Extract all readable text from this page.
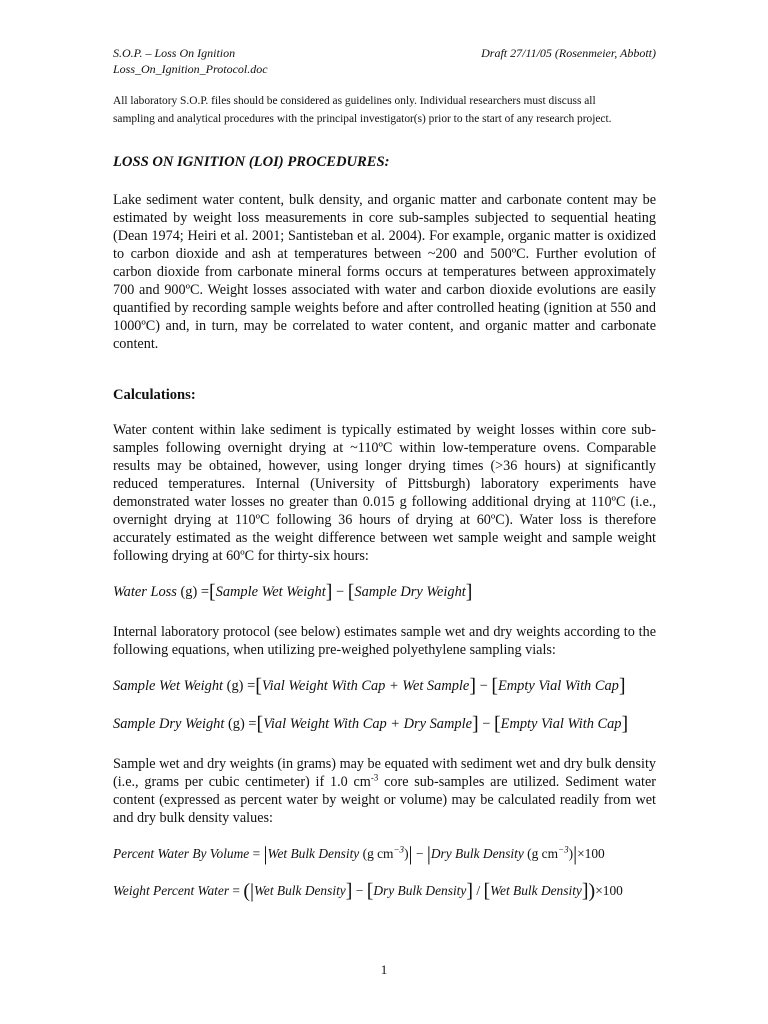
S.O.P. – Loss On Ignition	Draft 27/11/05 (Rosenmeier, Abbott)
Loss_On_Ignition_Protocol.doc
All laboratory S.O.P. files should be considered as guidelines only. Individual researchers must discuss all
sampling and analytical procedures with the principal investigator(s) prior to the start of any research project.
LOSS ON IGNITION (LOI) PROCEDURES:
Lake sediment water content, bulk density, and organic matter and carbonate content may be estimated by weight loss measurements in core sub-samples subjected to sequential heating (Dean 1974; Heiri et al. 2001; Santisteban et al. 2004). For example, organic matter is oxidized to carbon dioxide and ash at temperatures between ~200 and 500ºC. Further evolution of carbon dioxide from carbonate mineral forms occurs at temperatures between approximately 700 and 900ºC. Weight losses associated with water and carbon dioxide evolutions are easily quantified by recording sample weights before and after controlled heating (ignition at 550 and 1000ºC) and, in turn, may be correlated to water content, and organic matter and carbonate content.
Calculations:
Water content within lake sediment is typically estimated by weight losses within core sub-samples following overnight drying at ~110ºC within low-temperature ovens. Comparable results may be obtained, however, using longer drying times (>36 hours) at significantly reduced temperatures. Internal (University of Pittsburgh) laboratory experiments have demonstrated water losses no greater than 0.015 g following additional drying at 110ºC (i.e., overnight drying at 110ºC following 36 hours of drying at 60ºC). Water loss is therefore accurately estimated as the weight difference between wet sample weight and sample weight following drying at 60ºC for thirty-six hours:
Water Loss (g) =[Sample Wet Weight] − [Sample Dry Weight]
Internal laboratory protocol (see below) estimates sample wet and dry weights according to the following equations, when utilizing pre-weighed polyethylene sampling vials:
Sample Wet Weight (g) =[Vial Weight With Cap + Wet Sample] − [Empty Vial With Cap]
Sample Dry Weight (g) =[Vial Weight With Cap + Dry Sample] − [Empty Vial With Cap]
Sample wet and dry weights (in grams) may be equated with sediment wet and dry bulk density (i.e., grams per cubic centimeter) if 1.0 $cm^{-3}$ core sub-samples are utilized. Sediment water content (expressed as percent water by weight or volume) may be calculated readily from wet and dry bulk density values:
Percent Water By Volume = |Wet Bulk Density (g $cm^{-3})| - |Dry$ Bulk Density (g $cm^{-3})|\times 100$
Weight Percent Water = (|Wet Bulk Density] − [Dry Bulk Density] / [Wet Bulk Density])×100
1
